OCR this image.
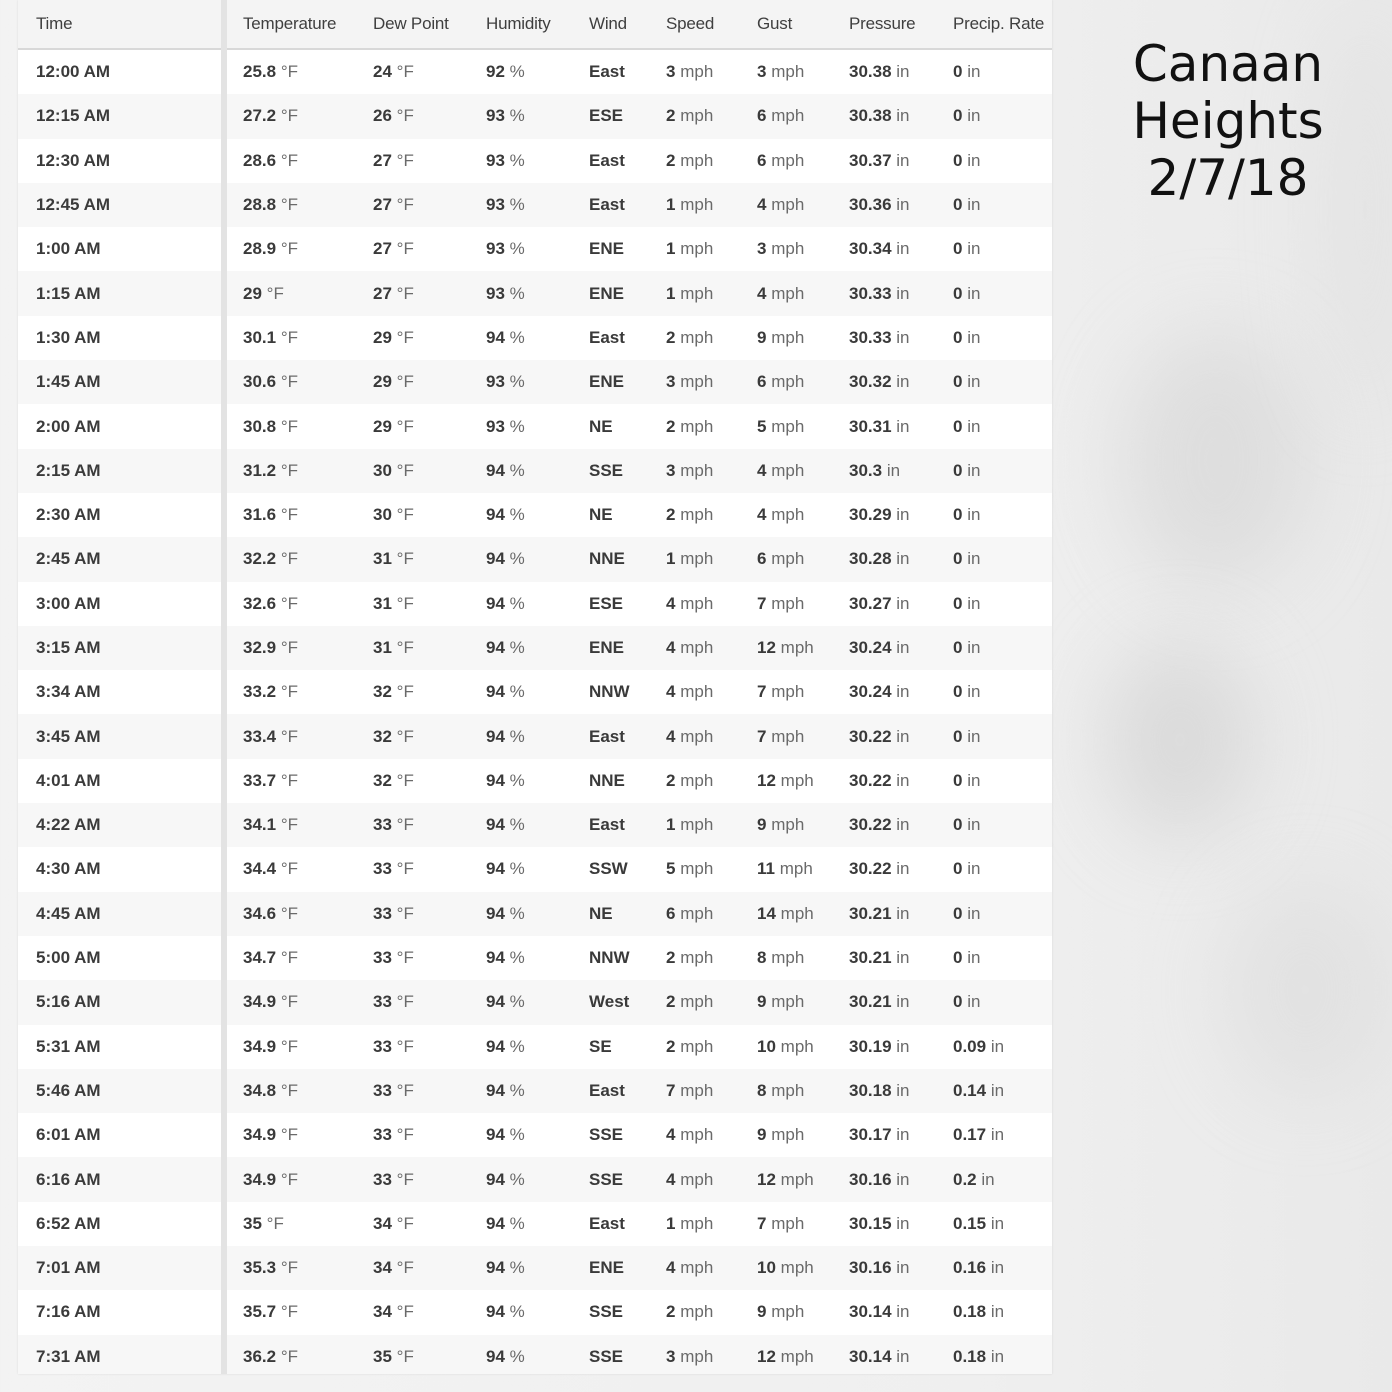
Time	Temperature	Dew Point	Humidity	Wind	Speed	Gust	Pressure	Precip. Rate
12:00 AM	25.8 °F	24 °F	92 %	East	3 mph	3 mph	30.38 in	0 in
12:15 AM	27.2 °F	26 °F	93 %	ESE	2 mph	6 mph	30.38 in	0 in
12:30 AM	28.6 °F	27 °F	93 %	East	2 mph	6 mph	30.37 in	0 in
12:45 AM	28.8 °F	27 °F	93 %	East	1 mph	4 mph	30.36 in	0 in
1:00 AM	28.9 °F	27 °F	93 %	ENE	1 mph	3 mph	30.34 in	0 in
1:15 AM	29 °F	27 °F	93 %	ENE	1 mph	4 mph	30.33 in	0 in
1:30 AM	30.1 °F	29 °F	94 %	East	2 mph	9 mph	30.33 in	0 in
1:45 AM	30.6 °F	29 °F	93 %	ENE	3 mph	6 mph	30.32 in	0 in
2:00 AM	30.8 °F	29 °F	93 %	NE	2 mph	5 mph	30.31 in	0 in
2:15 AM	31.2 °F	30 °F	94 %	SSE	3 mph	4 mph	30.3 in	0 in
2:30 AM	31.6 °F	30 °F	94 %	NE	2 mph	4 mph	30.29 in	0 in
2:45 AM	32.2 °F	31 °F	94 %	NNE	1 mph	6 mph	30.28 in	0 in
3:00 AM	32.6 °F	31 °F	94 %	ESE	4 mph	7 mph	30.27 in	0 in
3:15 AM	32.9 °F	31 °F	94 %	ENE	4 mph	12 mph	30.24 in	0 in
3:34 AM	33.2 °F	32 °F	94 %	NNW	4 mph	7 mph	30.24 in	0 in
3:45 AM	33.4 °F	32 °F	94 %	East	4 mph	7 mph	30.22 in	0 in
4:01 AM	33.7 °F	32 °F	94 %	NNE	2 mph	12 mph	30.22 in	0 in
4:22 AM	34.1 °F	33 °F	94 %	East	1 mph	9 mph	30.22 in	0 in
4:30 AM	34.4 °F	33 °F	94 %	SSW	5 mph	11 mph	30.22 in	0 in
4:45 AM	34.6 °F	33 °F	94 %	NE	6 mph	14 mph	30.21 in	0 in
5:00 AM	34.7 °F	33 °F	94 %	NNW	2 mph	8 mph	30.21 in	0 in
5:16 AM	34.9 °F	33 °F	94 %	West	2 mph	9 mph	30.21 in	0 in
5:31 AM	34.9 °F	33 °F	94 %	SE	2 mph	10 mph	30.19 in	0.09 in
5:46 AM	34.8 °F	33 °F	94 %	East	7 mph	8 mph	30.18 in	0.14 in
6:01 AM	34.9 °F	33 °F	94 %	SSE	4 mph	9 mph	30.17 in	0.17 in
6:16 AM	34.9 °F	33 °F	94 %	SSE	4 mph	12 mph	30.16 in	0.2 in
6:52 AM	35 °F	34 °F	94 %	East	1 mph	7 mph	30.15 in	0.15 in
7:01 AM	35.3 °F	34 °F	94 %	ENE	4 mph	10 mph	30.16 in	0.16 in
7:16 AM	35.7 °F	34 °F	94 %	SSE	2 mph	9 mph	30.14 in	0.18 in
7:31 AM	36.2 °F	35 °F	94 %	SSE	3 mph	12 mph	30.14 in	0.18 in
Canaan
Heights
2/7/18
